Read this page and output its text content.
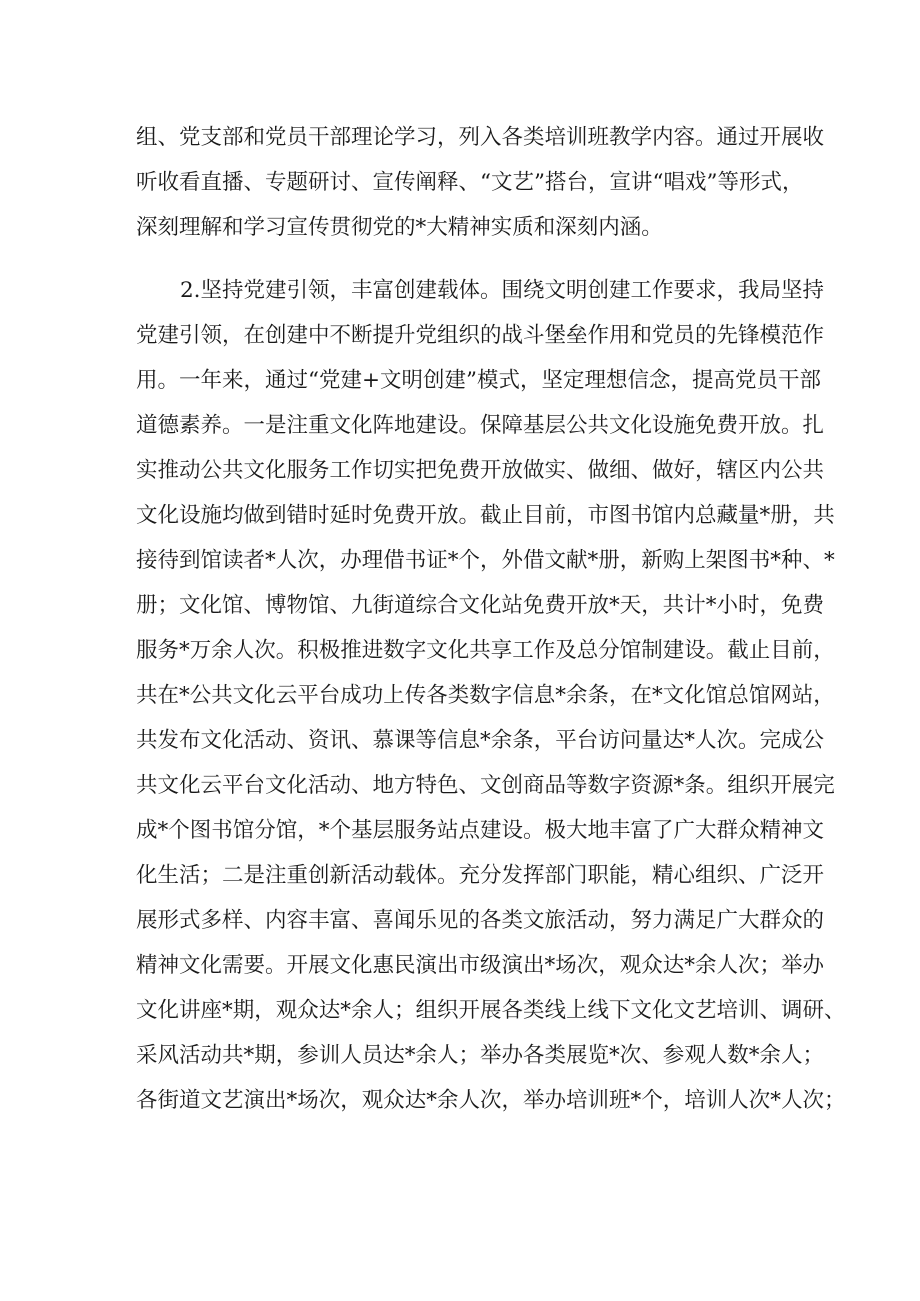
组、党支部和党员干部理论学习，列入各类培训班教学内容。通过开展收
听收看直播、专题研讨、宣传阐释、“文艺”搭台，宣讲“唱戏”等形式，
深刻理解和学习宣传贯彻党的*大精神实质和深刻内涵。
2.坚持党建引领，丰富创建载体。围绕文明创建工作要求，我局坚持
党建引领，在创建中不断提升党组织的战斗堡垒作用和党员的先锋模范作
用。一年来，通过“党建+文明创建”模式，坚定理想信念，提高党员干部
道德素养。一是注重文化阵地建设。保障基层公共文化设施免费开放。扎
实推动公共文化服务工作切实把免费开放做实、做细、做好，辖区内公共
文化设施均做到错时延时免费开放。截止目前，市图书馆内总藏量*册，共
接待到馆读者*人次，办理借书证*个，外借文献*册，新购上架图书*种、*
册；文化馆、博物馆、九街道综合文化站免费开放*天，共计*小时，免费
服务*万余人次。积极推进数字文化共享工作及总分馆制建设。截止目前，
共在*公共文化云平台成功上传各类数字信息*余条，在*文化馆总馆网站，
共发布文化活动、资讯、慕课等信息*余条，平台访问量达*人次。完成公
共文化云平台文化活动、地方特色、文创商品等数字资源*条。组织开展完
成*个图书馆分馆，*个基层服务站点建设。极大地丰富了广大群众精神文
化生活；二是注重创新活动载体。充分发挥部门职能，精心组织、广泛开
展形式多样、内容丰富、喜闻乐见的各类文旅活动，努力满足广大群众的
精神文化需要。开展文化惠民演出市级演出*场次，观众达*余人次；举办
文化讲座*期，观众达*余人；组织开展各类线上线下文化文艺培训、调研、
采风活动共*期，参训人员达*余人；举办各类展览*次、参观人数*余人；
各街道文艺演出*场次，观众达*余人次，举办培训班*个，培训人次*人次；
